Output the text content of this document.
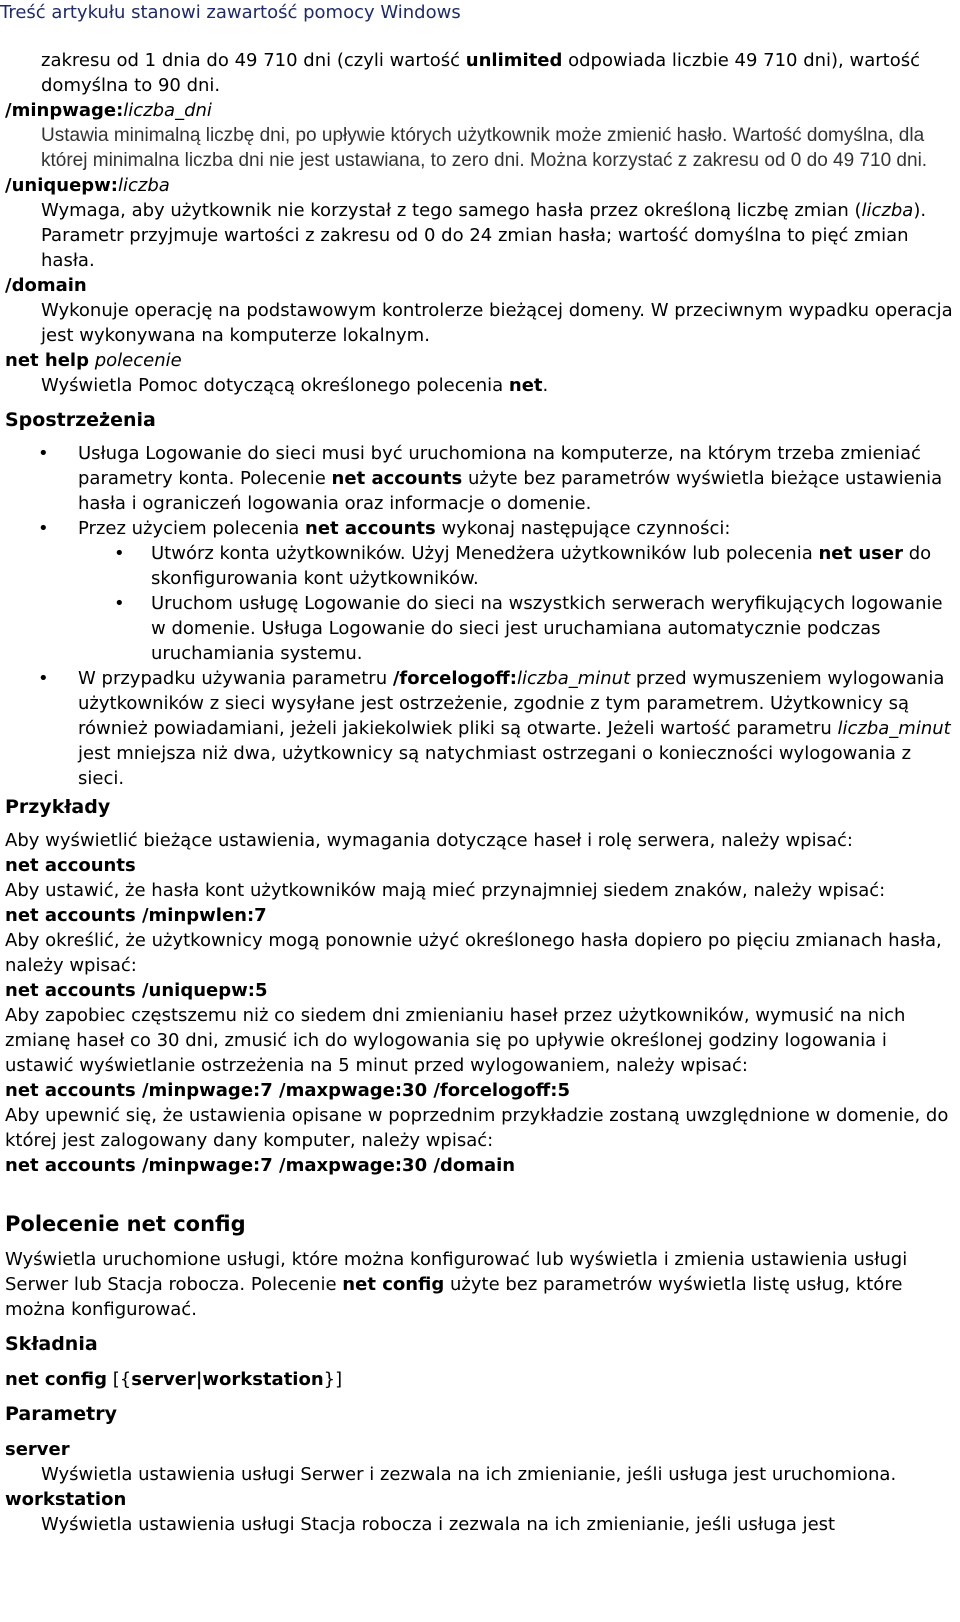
Treść artykułu stanowi zawartość pomocy Windows

zakresu od 1 dnia do 49 710 dni (czyli wartość unlimited odpowiada liczbie 49 710 dni), wartość domyślna to 90 dni.

/minpwage:liczba_dni

Ustawia minimalną liczbę dni, po upływie których użytkownik może zmienić hasło. Wartość domyślna, dla której minimalna liczba dni nie jest ustawiana, to zero dni. Można korzystać z zakresu od 0 do 49 710 dni.

/uniquepw:liczba

Wymaga, aby użytkownik nie korzystał z tego samego hasła przez określoną liczbę zmian (liczba). Parametr przyjmuje wartości z zakresu od 0 do 24 zmian hasła; wartość domyślna to pięć zmian hasła.

/domain

Wykonuje operację na podstawowym kontrolerze bieżącej domeny. W przeciwnym wypadku operacja jest wykonywana na komputerze lokalnym.

net help polecenie

Wyświetla Pomoc dotyczącą określonego polecenia net.

Spostrzeżenia
• Usługa Logowanie do sieci musi być uruchomiona na komputerze, na którym trzeba zmieniać parametry konta. Polecenie net accounts użyte bez parametrów wyświetla bieżące ustawienia hasła i ograniczeń logowania oraz informacje o domenie.
• Przez użyciem polecenia net accounts wykonaj następujące czynności:
• Utwórz konta użytkowników. Użyj Menedżera użytkowników lub polecenia net user do skonfigurowania kont użytkowników.
• Uruchom usługę Logowanie do sieci na wszystkich serwerach weryfikujących logowanie w domenie. Usługa Logowanie do sieci jest uruchamiana automatycznie podczas uruchamiania systemu.
• W przypadku używania parametru /forcelogoff:liczba_minut przed wymuszeniem wylogowania użytkowników z sieci wysyłane jest ostrzeżenie, zgodnie z tym parametrem. Użytkownicy są również powiadamiani, jeżeli jakiekolwiek pliki są otwarte. Jeżeli wartość parametru liczba_minut jest mniejsza niż dwa, użytkownicy są natychmiast ostrzegani o konieczności wylogowania z sieci.
Przykłady

Aby wyświetlić bieżące ustawienia, wymagania dotyczące haseł i rolę serwera, należy wpisać:

net accounts

Aby ustawić, że hasła kont użytkowników mają mieć przynajmniej siedem znaków, należy wpisać:

net accounts /minpwlen:7

Aby określić, że użytkownicy mogą ponownie użyć określonego hasła dopiero po pięciu zmianach hasła, należy wpisać:

net accounts /uniquepw:5

Aby zapobiec częstszemu niż co siedem dni zmienianiu haseł przez użytkowników, wymusić na nich zmianę haseł co 30 dni, zmusić ich do wylogowania się po upływie określonej godziny logowania i ustawić wyświetlanie ostrzeżenia na 5 minut przed wylogowaniem, należy wpisać:

net accounts /minpwage:7 /maxpwage:30 /forcelogoff:5

Aby upewnić się, że ustawienia opisane w poprzednim przykładzie zostaną uwzględnione w domenie, do której jest zalogowany dany komputer, należy wpisać:

net accounts /minpwage:7 /maxpwage:30 /domain

Polecenie net config

Wyświetla uruchomione usługi, które można konfigurować lub wyświetla i zmienia ustawienia usługi Serwer lub Stacja robocza. Polecenie net config użyte bez parametrów wyświetla listę usług, które można konfigurować.

Składnia

net config [{server|workstation}]

Parametry

server

Wyświetla ustawienia usługi Serwer i zezwala na ich zmienianie, jeśli usługa jest uruchomiona.

workstation

Wyświetla ustawienia usługi Stacja robocza i zezwala na ich zmienianie, jeśli usługa jest
